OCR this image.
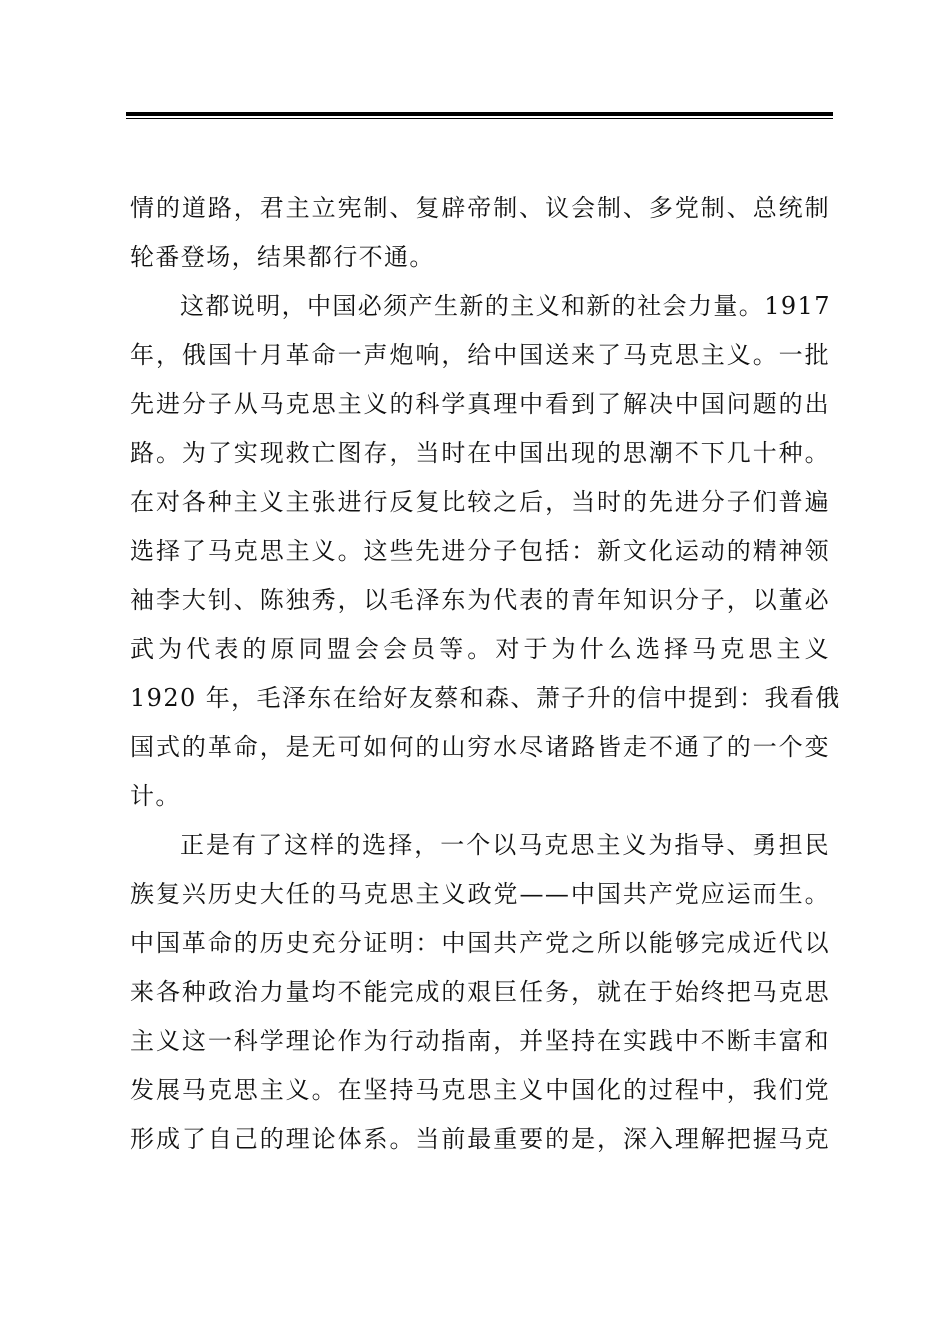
情的道路，君主立宪制、复辟帝制、议会制、多党制、总统制
轮番登场，结果都行不通。
这都说明，中国必须产生新的主义和新的社会力量。1917
年，俄国十月革命一声炮响，给中国送来了马克思主义。一批
先进分子从马克思主义的科学真理中看到了解决中国问题的出
路。为了实现救亡图存，当时在中国出现的思潮不下几十种。
在对各种主义主张进行反复比较之后，当时的先进分子们普遍
选择了马克思主义。这些先进分子包括：新文化运动的精神领
袖李大钊、陈独秀，以毛泽东为代表的青年知识分子，以董必
武为代表的原同盟会会员等。对于为什么选择马克思主义
1920 年，毛泽东在给好友蔡和森、萧子升的信中提到：我看俄
国式的革命，是无可如何的山穷水尽诸路皆走不通了的一个变
计。
正是有了这样的选择，一个以马克思主义为指导、勇担民
族复兴历史大任的马克思主义政党——中国共产党应运而生。
中国革命的历史充分证明：中国共产党之所以能够完成近代以
来各种政治力量均不能完成的艰巨任务，就在于始终把马克思
主义这一科学理论作为行动指南，并坚持在实践中不断丰富和
发展马克思主义。在坚持马克思主义中国化的过程中，我们党
形成了自己的理论体系。当前最重要的是，深入理解把握马克
